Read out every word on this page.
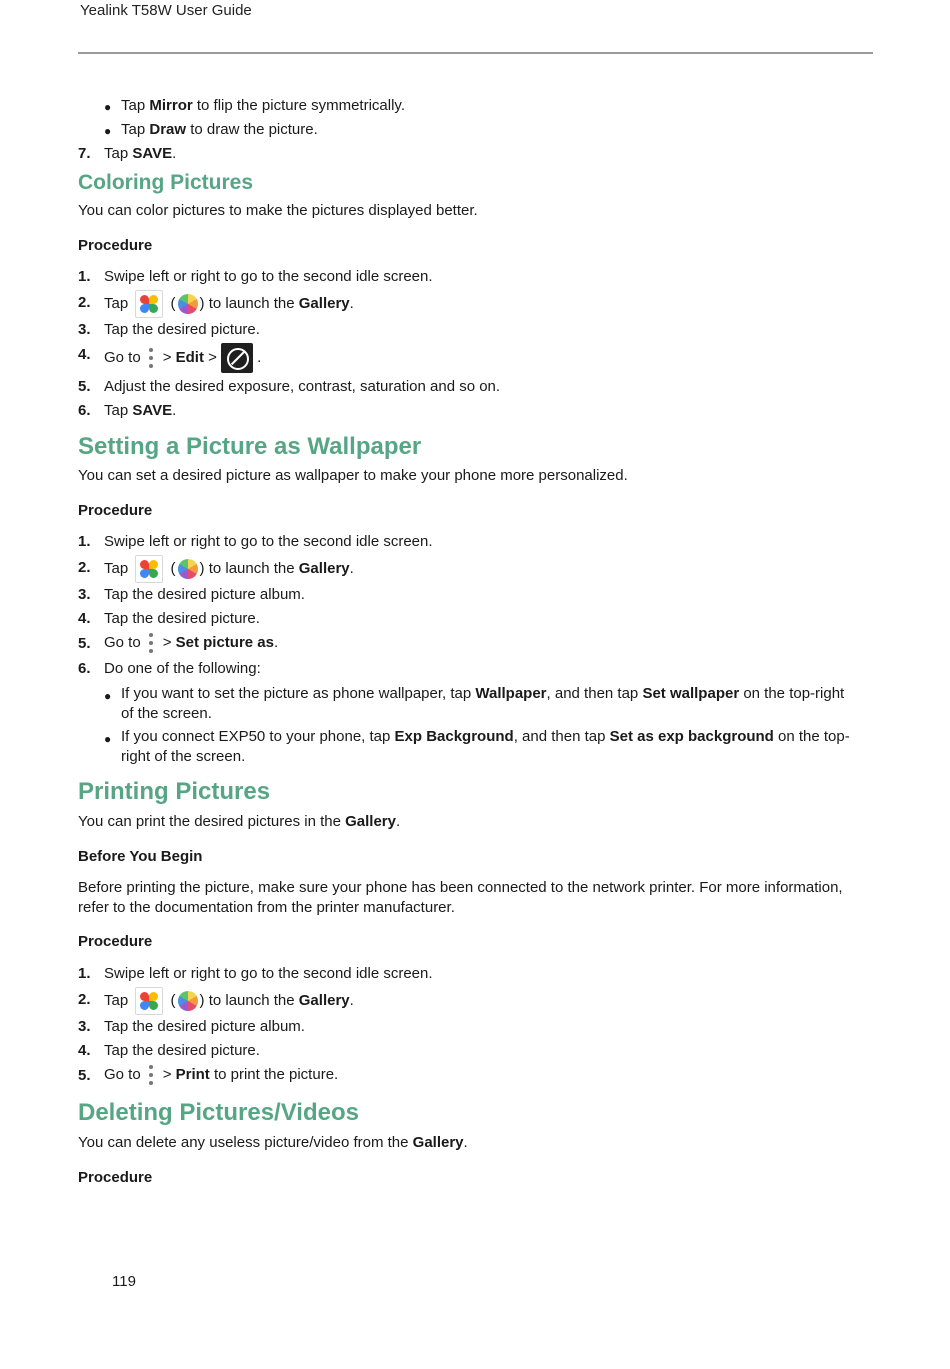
Yealink T58W User Guide
● Tap Mirror to flip the picture symmetrically.
● Tap Draw to draw the picture.
7. Tap SAVE.
Coloring Pictures
You can color pictures to make the pictures displayed better.
Procedure
1. Swipe left or right to go to the second idle screen.
2. Tap	( ) to launch the Gallery.
3. Tap the desired picture.
4. Go to > Edit >	.
5. Adjust the desired exposure, contrast, saturation and so on.
6. Tap SAVE.
Setting a Picture as Wallpaper
You can set a desired picture as wallpaper to make your phone more personalized.
Procedure
1. Swipe left or right to go to the second idle screen.
2. Tap	( ) to launch the Gallery.
3. Tap the desired picture album.
4. Tap the desired picture.
5. Go to > Set picture as.
6. Do one of the following:
● If you want to set the picture as phone wallpaper, tap Wallpaper, and then tap Set wallpaper on the top-right
of the screen.
● If you connect EXP50 to your phone, tap Exp Background, and then tap Set as exp background on the top-
right of the screen.
Printing Pictures
You can print the desired pictures in the Gallery.
Before You Begin
Before printing the picture, make sure your phone has been connected to the network printer. For more information,
refer to the documentation from the printer manufacturer.
Procedure
1. Swipe left or right to go to the second idle screen.
2. Tap	( ) to launch the Gallery.
3. Tap the desired picture album.
4. Tap the desired picture.
5. Go to > Print to print the picture.
Deleting Pictures/Videos
You can delete any useless picture/video from the Gallery.
Procedure
119
